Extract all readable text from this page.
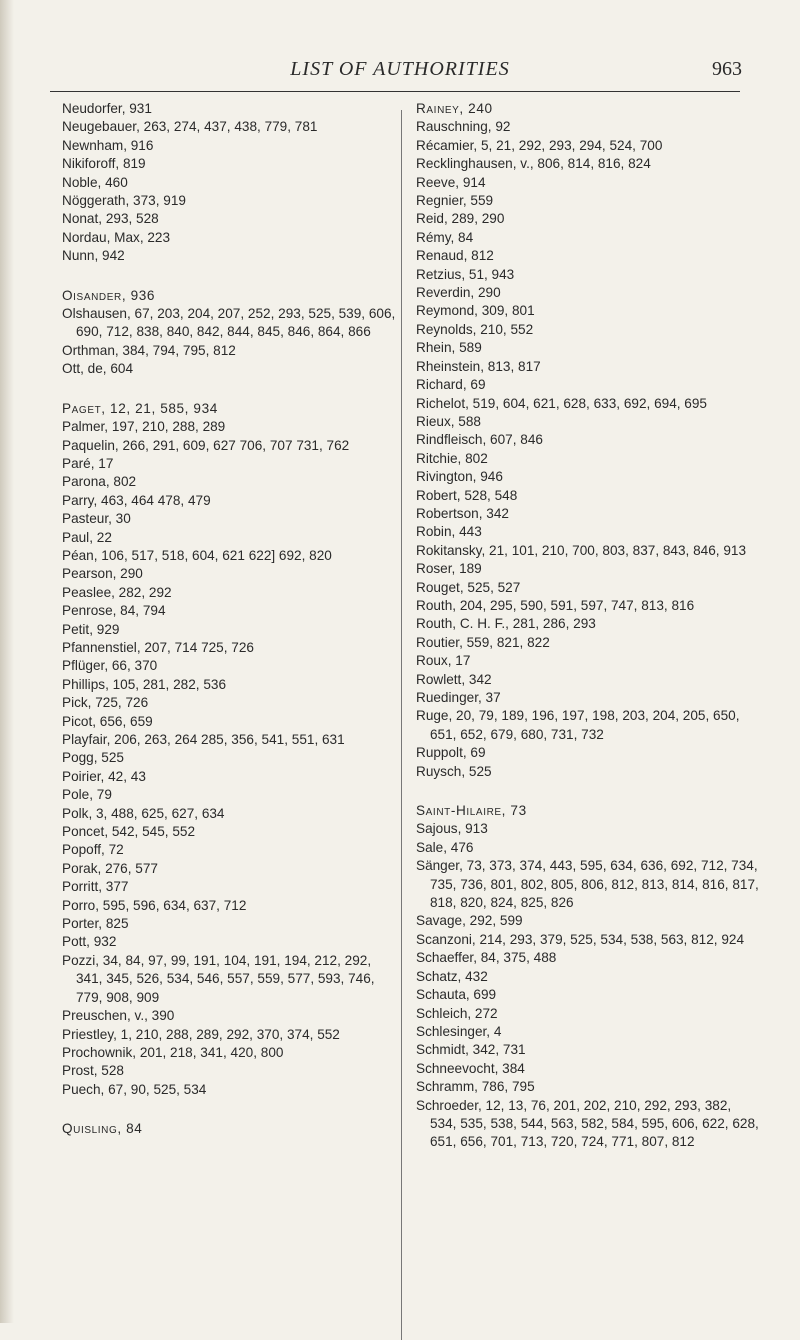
LIST OF AUTHORITIES	963
Neudorfer, 931
Neugebauer, 263, 274, 437, 438, 779, 781
Newnham, 916
Nikiforoff, 819
Noble, 460
Nöggerath, 373, 919
Nonat, 293, 528
Nordau, Max, 223
Nunn, 942
Oisander, 936
Olshausen, 67, 203, 204, 207, 252, 293, 525, 539, 606, 690, 712, 838, 840, 842, 844, 845, 846, 864, 866
Orthman, 384, 794, 795, 812
Ott, de, 604
Paget, 12, 21, 585, 934
Palmer, 197, 210, 288, 289
Paquelin, 266, 291, 609, 627 706, 707 731, 762
Paré, 17
Parona, 802
Parry, 463, 464 478, 479
Pasteur, 30
Paul, 22
Péan, 106, 517, 518, 604, 621 622] 692, 820
Pearson, 290
Peaslee, 282, 292
Penrose, 84, 794
Petit, 929
Pfannenstiel, 207, 714 725, 726
Pflüger, 66, 370
Phillips, 105, 281, 282, 536
Pick, 725, 726
Picot, 656, 659
Playfair, 206, 263, 264 285, 356, 541, 551, 631
Pogg, 525
Poirier, 42, 43
Pole, 79
Polk, 3, 488, 625, 627, 634
Poncet, 542, 545, 552
Popoff, 72
Porak, 276, 577
Porritt, 377
Porro, 595, 596, 634, 637, 712
Porter, 825
Pott, 932
Pozzi, 34, 84, 97, 99, 191, 104, 191, 194, 212, 292, 341, 345, 526, 534, 546, 557, 559, 577, 593, 746, 779, 908, 909
Preuschen, v., 390
Priestley, 1, 210, 288, 289, 292, 370, 374, 552
Prochownik, 201, 218, 341, 420, 800
Prost, 528
Puech, 67, 90, 525, 534
Quisling, 84
Rainey, 240
Rauschning, 92
Récamier, 5, 21, 292, 293, 294, 524, 700
Recklinghausen, v., 806, 814, 816, 824
Reeve, 914
Regnier, 559
Reid, 289, 290
Rémy, 84
Renaud, 812
Retzius, 51, 943
Reverdin, 290
Reymond, 309, 801
Reynolds, 210, 552
Rhein, 589
Rheinstein, 813, 817
Richard, 69
Richelot, 519, 604, 621, 628, 633, 692, 694, 695
Rieux, 588
Rindfleisch, 607, 846
Ritchie, 802
Rivington, 946
Robert, 528, 548
Robertson, 342
Robin, 443
Rokitansky, 21, 101, 210, 700, 803, 837, 843, 846, 913
Roser, 189
Rouget, 525, 527
Routh, 204, 295, 590, 591, 597, 747, 813, 816
Routh, C. H. F., 281, 286, 293
Routier, 559, 821, 822
Roux, 17
Rowlett, 342
Ruedinger, 37
Ruge, 20, 79, 189, 196, 197, 198, 203, 204, 205, 650, 651, 652, 679, 680, 731, 732
Ruppolt, 69
Ruysch, 525
Saint-Hilaire, 73
Sajous, 913
Sale, 476
Sänger, 73, 373, 374, 443, 595, 634, 636, 692, 712, 734, 735, 736, 801, 802, 805, 806, 812, 813, 814, 816, 817, 818, 820, 824, 825, 826
Savage, 292, 599
Scanzoni, 214, 293, 379, 525, 534, 538, 563, 812, 924
Schaeffer, 84, 375, 488
Schatz, 432
Schauta, 699
Schleich, 272
Schlesinger, 4
Schmidt, 342, 731
Schneevocht, 384
Schramm, 786, 795
Schroeder, 12, 13, 76, 201, 202, 210, 292, 293, 382, 534, 535, 538, 544, 563, 582, 584, 595, 606, 622, 628, 651, 656, 701, 713, 720, 724, 771, 807, 812
